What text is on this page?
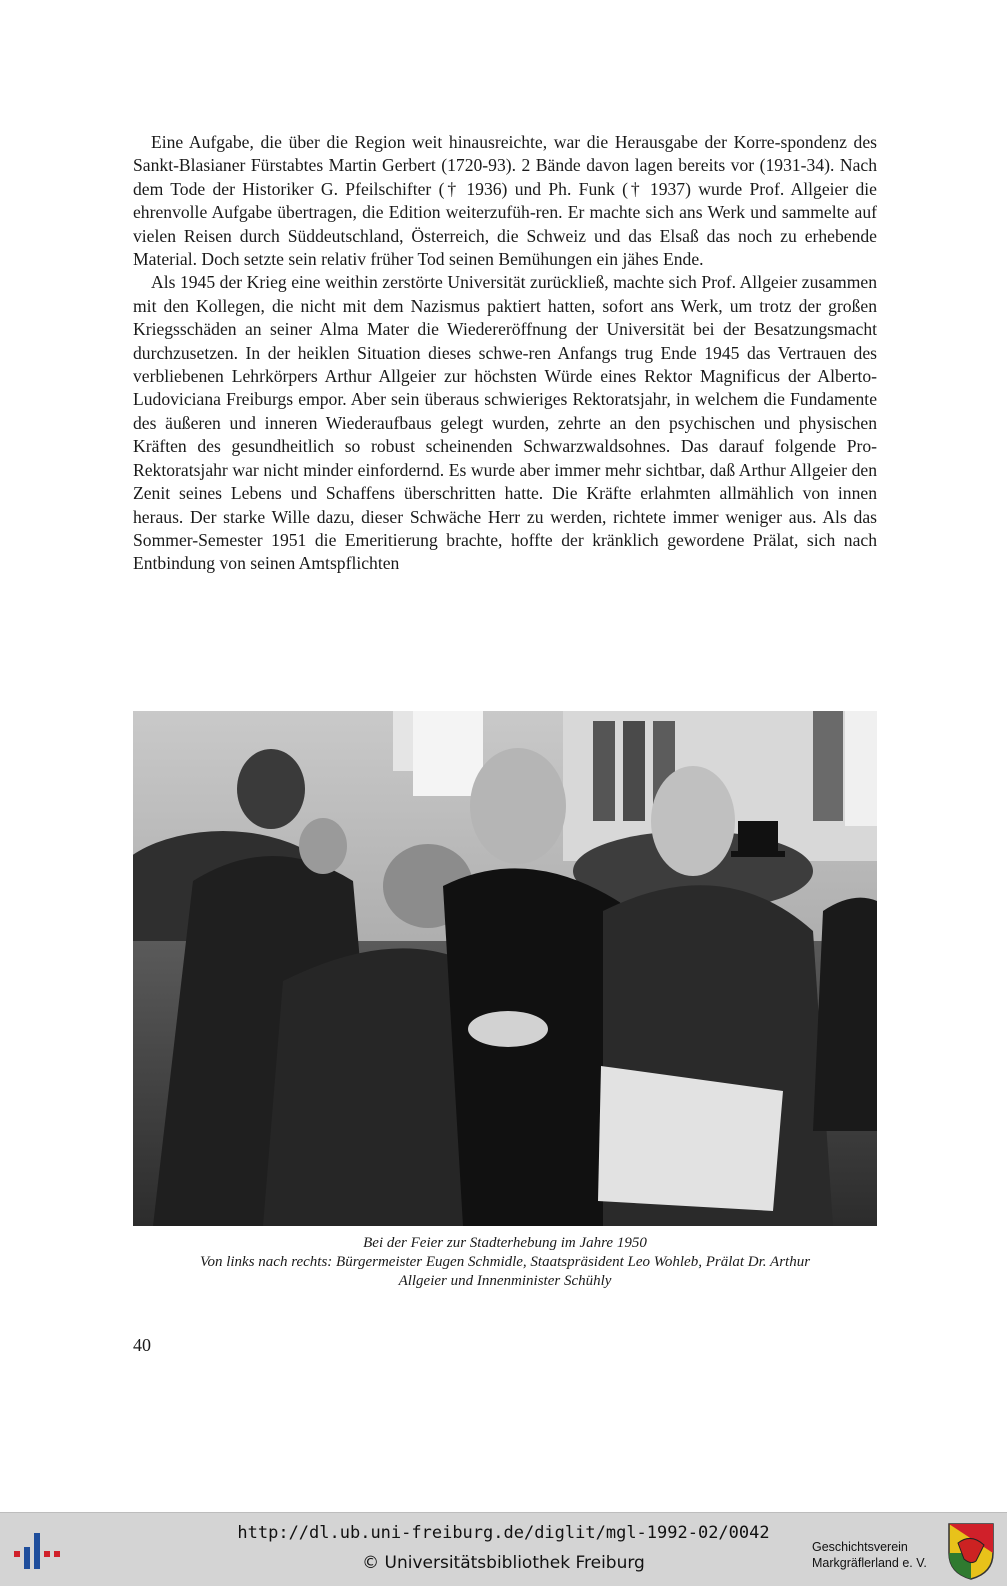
Eine Aufgabe, die über die Region weit hinausreichte, war die Herausgabe der Korre-spondenz des Sankt-Blasianer Fürstabtes Martin Gerbert (1720-93). 2 Bände davon lagen bereits vor (1931-34). Nach dem Tode der Historiker G. Pfeilschifter († 1936) und Ph. Funk († 1937) wurde Prof. Allgeier die ehrenvolle Aufgabe übertragen, die Edition weiterzufüh-ren. Er machte sich ans Werk und sammelte auf vielen Reisen durch Süddeutschland, Österreich, die Schweiz und das Elsaß das noch zu erhebende Material. Doch setzte sein relativ früher Tod seinen Bemühungen ein jähes Ende.

Als 1945 der Krieg eine weithin zerstörte Universität zurückließ, machte sich Prof. Allgeier zusammen mit den Kollegen, die nicht mit dem Nazismus paktiert hatten, sofort ans Werk, um trotz der großen Kriegsschäden an seiner Alma Mater die Wiedereröffnung der Universität bei der Besatzungsmacht durchzusetzen. In der heiklen Situation dieses schwe-ren Anfangs trug Ende 1945 das Vertrauen des verbliebenen Lehrkörpers Arthur Allgeier zur höchsten Würde eines Rektor Magnificus der Alberto-Ludoviciana Freiburgs empor. Aber sein überaus schwieriges Rektoratsjahr, in welchem die Fundamente des äußeren und inneren Wiederaufbaus gelegt wurden, zehrte an den psychischen und physischen Kräften des gesundheitlich so robust scheinenden Schwarzwaldsohnes. Das darauf folgende Pro-Rektoratsjahr war nicht minder einfordernd. Es wurde aber immer mehr sichtbar, daß Arthur Allgeier den Zenit seines Lebens und Schaffens überschritten hatte. Die Kräfte erlahmten allmählich von innen heraus. Der starke Wille dazu, dieser Schwäche Herr zu werden, richtete immer weniger aus. Als das Sommer-Semester 1951 die Emeritierung brachte, hoffte der kränklich gewordene Prälat, sich nach Entbindung von seinen Amtspflichten

Bei der Feier zur Stadterhebung im Jahre 1950
Von links nach rechts: Bürgermeister Eugen Schmidle, Staatspräsident Leo Wohleb, Prälat Dr. Arthur
Allgeier und Innenminister Schühly
40
http://dl.ub.uni-freiburg.de/diglit/mgl-1992-02/0042
© Universitätsbibliothek Freiburg
Geschichtsverein
Markgräflerland e. V.
